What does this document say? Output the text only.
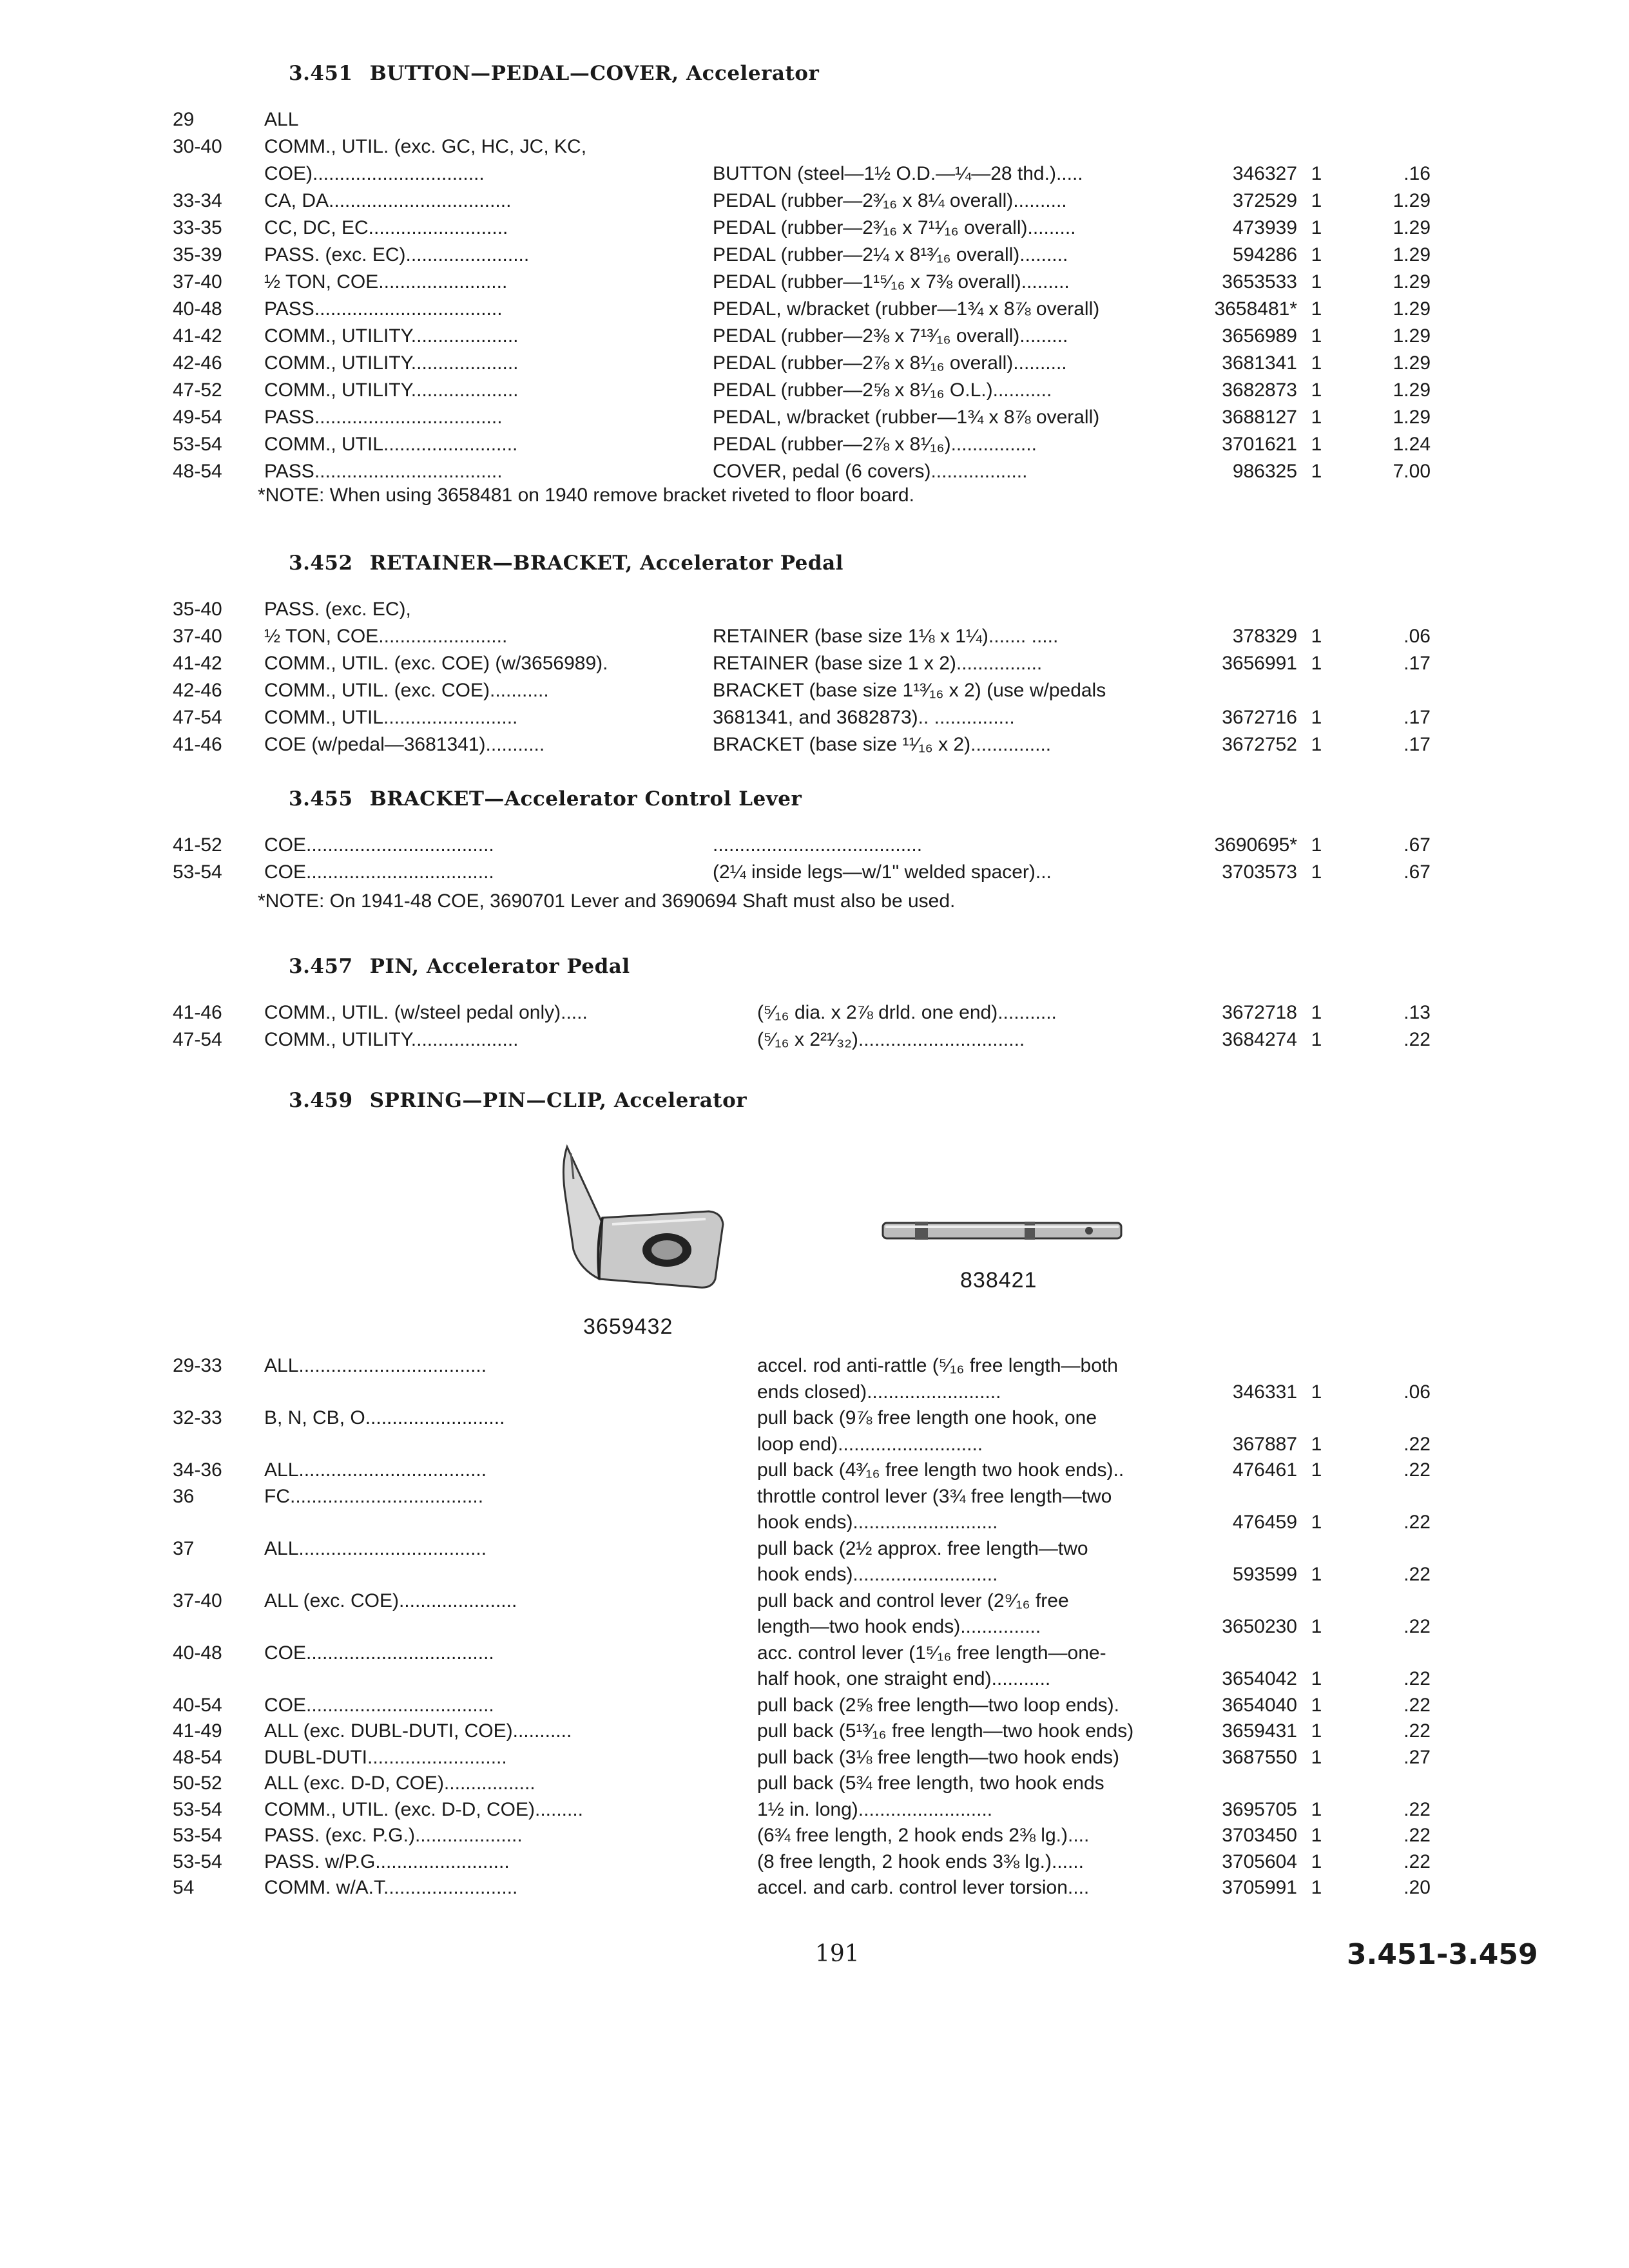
3659432
838421
191	3.451-3.459
3.451 BUTTON—PEDAL—COVER, Accelerator
29	ALL
30-40	COMM., UTIL. (exc. GC, HC, JC, KC,
COE)................................	BUTTON (steel—1½ O.D.—¼—28 thd.).....	346327 1	.16
33-34	CA, DA..................................	PEDAL (rubber—2³⁄₁₆ x 8¼ overall)..........	372529 1	1.29
33-35	CC, DC, EC..........................	PEDAL (rubber—2³⁄₁₆ x 7¹¹⁄₁₆ overall).........	473939 1	1.29
35-39	PASS. (exc. EC).......................	PEDAL (rubber—2¼ x 8¹³⁄₁₆ overall).........	594286 1	1.29
37-40	½ TON, COE........................	PEDAL (rubber—1¹⁵⁄₁₆ x 7⅜ overall).........	3653533 1	1.29
40-48	PASS...................................	PEDAL, w/bracket (rubber—1¾ x 8⅞ overall)	3658481* 1	1.29
41-42	COMM., UTILITY....................	PEDAL (rubber—2⅜ x 7¹³⁄₁₆ overall).........	3656989 1	1.29
42-46	COMM., UTILITY....................	PEDAL (rubber—2⅞ x 8¹⁄₁₆ overall)..........	3681341 1	1.29
47-52	COMM., UTILITY....................	PEDAL (rubber—2⅝ x 8¹⁄₁₆ O.L.)...........	3682873 1	1.29
49-54	PASS...................................	PEDAL, w/bracket (rubber—1¾ x 8⅞ overall)	3688127 1	1.29
53-54	COMM., UTIL.........................	PEDAL (rubber—2⅞ x 8¹⁄₁₆)................	3701621 1	1.24
48-54	PASS...................................	COVER, pedal (6 covers)..................	986325 1	7.00
*NOTE: When using 3658481 on 1940 remove bracket riveted to floor board.
3.452 RETAINER—BRACKET, Accelerator Pedal
35-40	PASS. (exc. EC),
37-40	½ TON, COE........................	RETAINER (base size 1⅛ x 1¼)....... .....	378329 1	.06
41-42	COMM., UTIL. (exc. COE) (w/3656989).	RETAINER (base size 1 x 2)................	3656991 1	.17
42-46	COMM., UTIL. (exc. COE)...........	BRACKET (base size 1¹³⁄₁₆ x 2) (use w/pedals
47-54	COMM., UTIL.........................	3681341, and 3682873).. ...............	3672716 1	.17
41-46	COE (w/pedal—3681341)...........	BRACKET (base size ¹¹⁄₁₆ x 2)...............	3672752 1	.17
3.455 BRACKET—Accelerator Control Lever
41-52	COE...................................	.......................................	3690695* 1	.67
53-54	COE...................................	(2¼ inside legs—w/1" welded spacer)...	3703573 1	.67
*NOTE: On 1941-48 COE, 3690701 Lever and 3690694 Shaft must also be used.
3.457 PIN, Accelerator Pedal
41-46	COMM., UTIL. (w/steel pedal only).....	(⁵⁄₁₆ dia. x 2⅞ drld. one end)...........	3672718 1	.13
47-54	COMM., UTILITY....................	(⁵⁄₁₆ x 2²¹⁄₃₂)...............................	3684274 1	.22
3.459 SPRING—PIN—CLIP, Accelerator
29-33	ALL...................................	accel. rod anti-rattle (⁵⁄₁₆ free length—both
ends closed).........................	346331 1	.06
32-33	B, N, CB, O..........................	pull back (9⅞ free length one hook, one
loop end)...........................	367887 1	.22
34-36	ALL...................................	pull back (4³⁄₁₆ free length two hook ends)..	476461 1	.22
36	FC....................................	throttle control lever (3¾ free length—two
hook ends)...........................	476459 1	.22
37	ALL...................................	pull back (2½ approx. free length—two
hook ends)...........................	593599 1	.22
37-40	ALL (exc. COE)......................	pull back and control lever (2⁹⁄₁₆ free
length—two hook ends)...............	3650230 1	.22
40-48	COE...................................	acc. control lever (1⁵⁄₁₆ free length—one-
half hook, one straight end)...........	3654042 1	.22
40-54	COE...................................	pull back (2⅝ free length—two loop ends).	3654040 1	.22
41-49	ALL (exc. DUBL-DUTI, COE)...........	pull back (5¹³⁄₁₆ free length—two hook ends)	3659431 1	.22
48-54	DUBL-DUTI..........................	pull back (3⅛ free length—two hook ends)	3687550 1	.27
50-52	ALL (exc. D-D, COE).................	pull back (5¾ free length, two hook ends
53-54	COMM., UTIL. (exc. D-D, COE).........	1½ in. long).........................	3695705 1	.22
53-54	PASS. (exc. P.G.)....................	(6¾ free length, 2 hook ends 2⅜ lg.)....	3703450 1	.22
53-54	PASS. w/P.G.........................	(8 free length, 2 hook ends 3⅜ lg.)......	3705604 1	.22
54	COMM. w/A.T.........................	accel. and carb. control lever torsion....	3705991 1	.20
